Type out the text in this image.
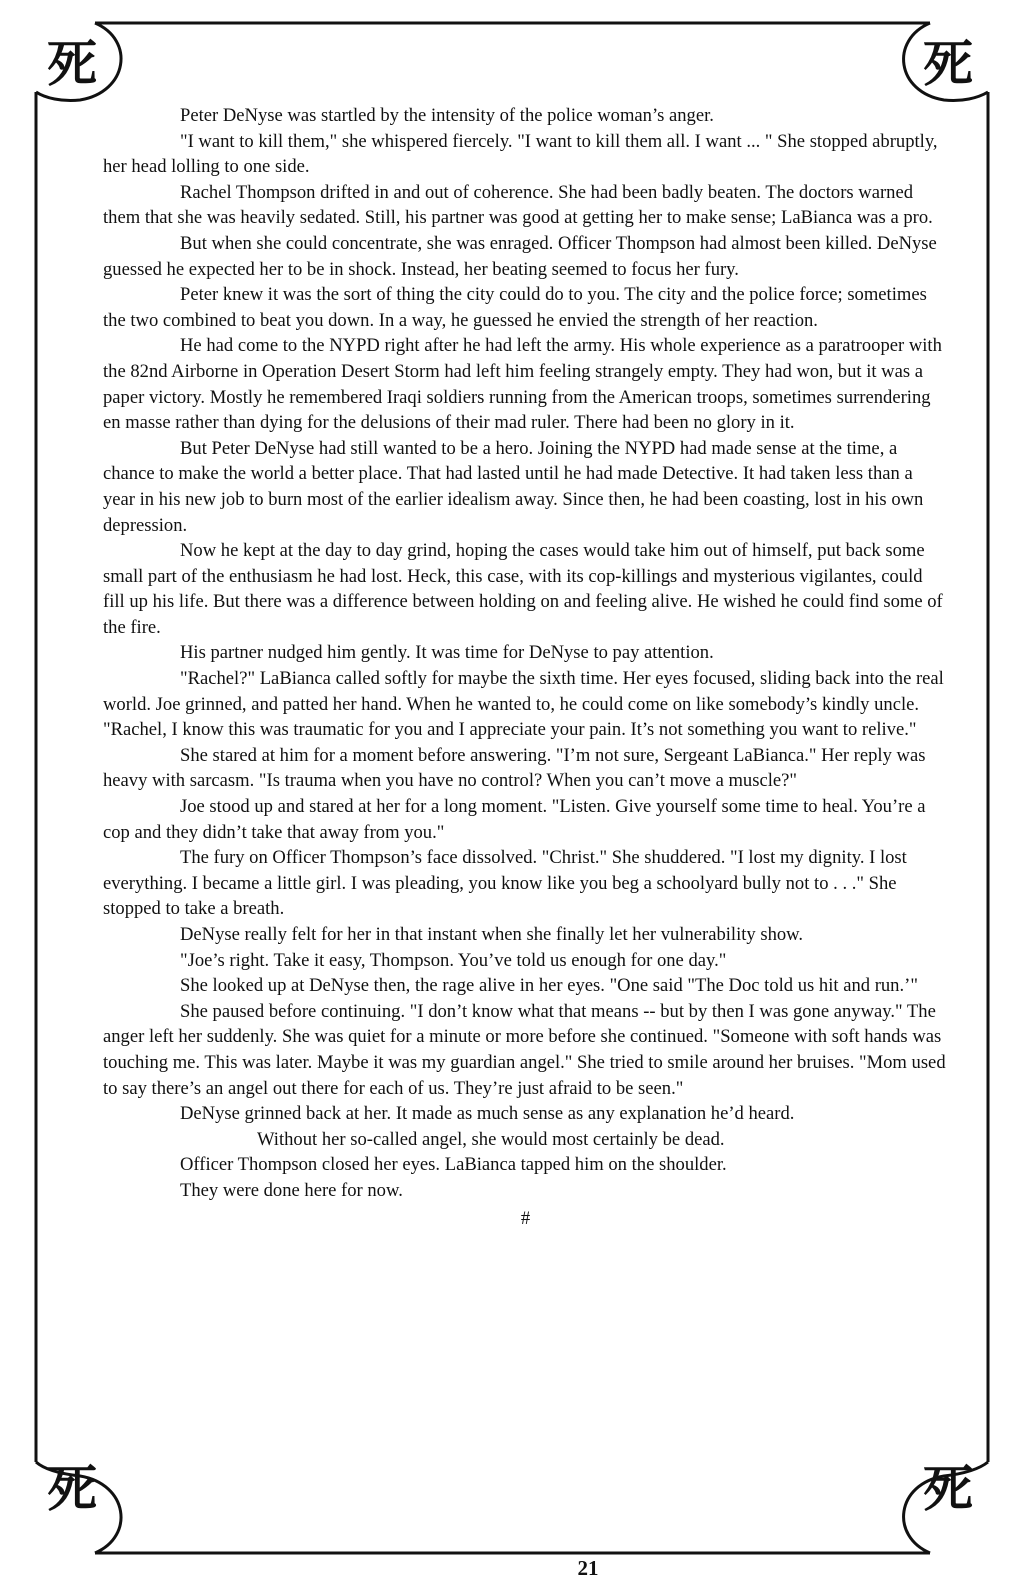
死	死
死	死

Peter DeNyse was startled by the intensity of the police woman’s anger.

"I want to kill them," she whispered fiercely. "I want to kill them all. I want ... " She stopped abruptly, her head lolling to one side.

Rachel Thompson drifted in and out of coherence. She had been badly beaten. The doctors warned them that she was heavily sedated. Still, his partner was good at getting her to make sense; LaBianca was a pro.

But when she could concentrate, she was enraged. Officer Thompson had almost been killed. DeNyse guessed he expected her to be in shock. Instead, her beating seemed to focus her fury.

Peter knew it was the sort of thing the city could do to you. The city and the police force; sometimes the two combined to beat you down. In a way, he guessed he envied the strength of her reaction.

He had come to the NYPD right after he had left the army. His whole experience as a paratrooper with the 82nd Airborne in Operation Desert Storm had left him feeling strangely empty. They had won, but it was a paper victory. Mostly he remembered Iraqi soldiers running from the American troops, sometimes surrendering en masse rather than dying for the delusions of their mad ruler. There had been no glory in it.

But Peter DeNyse had still wanted to be a hero. Joining the NYPD had made sense at the time, a chance to make the world a better place. That had lasted until he had made Detective. It had taken less than a year in his new job to burn most of the earlier idealism away. Since then, he had been coasting, lost in his own depression.

Now he kept at the day to day grind, hoping the cases would take him out of himself, put back some small part of the enthusiasm he had lost. Heck, this case, with its cop-killings and mysterious vigilantes, could fill up his life. But there was a difference between holding on and feeling alive. He wished he could find some of the fire.

His partner nudged him gently. It was time for DeNyse to pay attention.

"Rachel?" LaBianca called softly for maybe the sixth time. Her eyes focused, sliding back into the real world. Joe grinned, and patted her hand. When he wanted to, he could come on like somebody’s kindly uncle. "Rachel, I know this was traumatic for you and I appreciate your pain. It’s not something you want to relive."

She stared at him for a moment before answering. "I’m not sure, Sergeant LaBianca." Her reply was heavy with sarcasm. "Is trauma when you have no control? When you can’t move a muscle?"

Joe stood up and stared at her for a long moment. "Listen. Give yourself some time to heal. You’re a cop and they didn’t take that away from you."

The fury on Officer Thompson’s face dissolved. "Christ." She shuddered. "I lost my dignity. I lost everything. I became a little girl. I was pleading, you know like you beg a schoolyard bully not to . . ." She stopped to take a breath.

DeNyse really felt for her in that instant when she finally let her vulnerability show.

"Joe’s right. Take it easy, Thompson. You’ve told us enough for one day."

She looked up at DeNyse then, the rage alive in her eyes. "One said "The Doc told us hit and run.’"

She paused before continuing. "I don’t know what that means -- but by then I was gone anyway." The anger left her suddenly. She was quiet for a minute or more before she continued. "Someone with soft hands was touching me. This was later. Maybe it was my guardian angel." She tried to smile around her bruises. "Mom used to say there’s an angel out there for each of us. They’re just afraid to be seen."

DeNyse grinned back at her. It made as much sense as any explanation he’d heard.

Without her so-called angel, she would most certainly be dead.

Officer Thompson closed her eyes. LaBianca tapped him on the shoulder.

They were done here for now.

#

21
